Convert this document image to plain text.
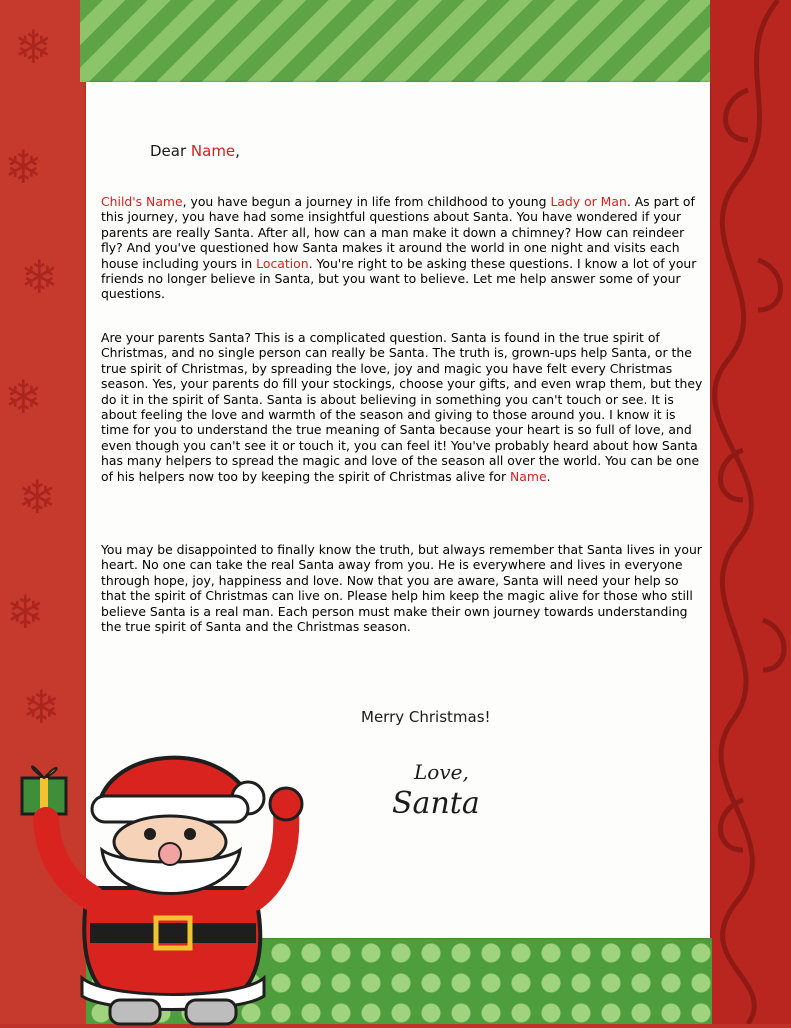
❄
❄
❄
❄
❄
❄
❄
Dear Name,
Child's Name, you have begun a journey in life from childhood to young Lady or Man. As part of this journey, you have had some insightful questions about Santa. You have wondered if your parents are really Santa. After all, how can a man make it down a chimney? How can reindeer fly? And you've questioned how Santa makes it around the world in one night and visits each house including yours in Location. You're right to be asking these questions. I know a lot of your friends no longer believe in Santa, but you want to believe. Let me help answer some of your questions.
Are your parents Santa? This is a complicated question. Santa is found in the true spirit of Christmas, and no single person can really be Santa. The truth is, grown-ups help Santa, or the true spirit of Christmas, by spreading the love, joy and magic you have felt every Christmas season. Yes, your parents do fill your stockings, choose your gifts, and even wrap them, but they do it in the spirit of Santa. Santa is about believing in something you can't touch or see. It is about feeling the love and warmth of the season and giving to those around you. I know it is time for you to understand the true meaning of Santa because your heart is so full of love, and even though you can't see it or touch it, you can feel it! You've probably heard about how Santa has many helpers to spread the magic and love of the season all over the world. You can be one of his helpers now too by keeping the spirit of Christmas alive for Name.
You may be disappointed to finally know the truth, but always remember that Santa lives in your heart. No one can take the real Santa away from you. He is everywhere and lives in everyone through hope, joy, happiness and love. Now that you are aware, Santa will need your help so that the spirit of Christmas can live on. Please help him keep the magic alive for those who still believe Santa is a real man. Each person must make their own journey towards understanding the true spirit of Santa and the Christmas season.
Merry Christmas!
Love,
Santa
